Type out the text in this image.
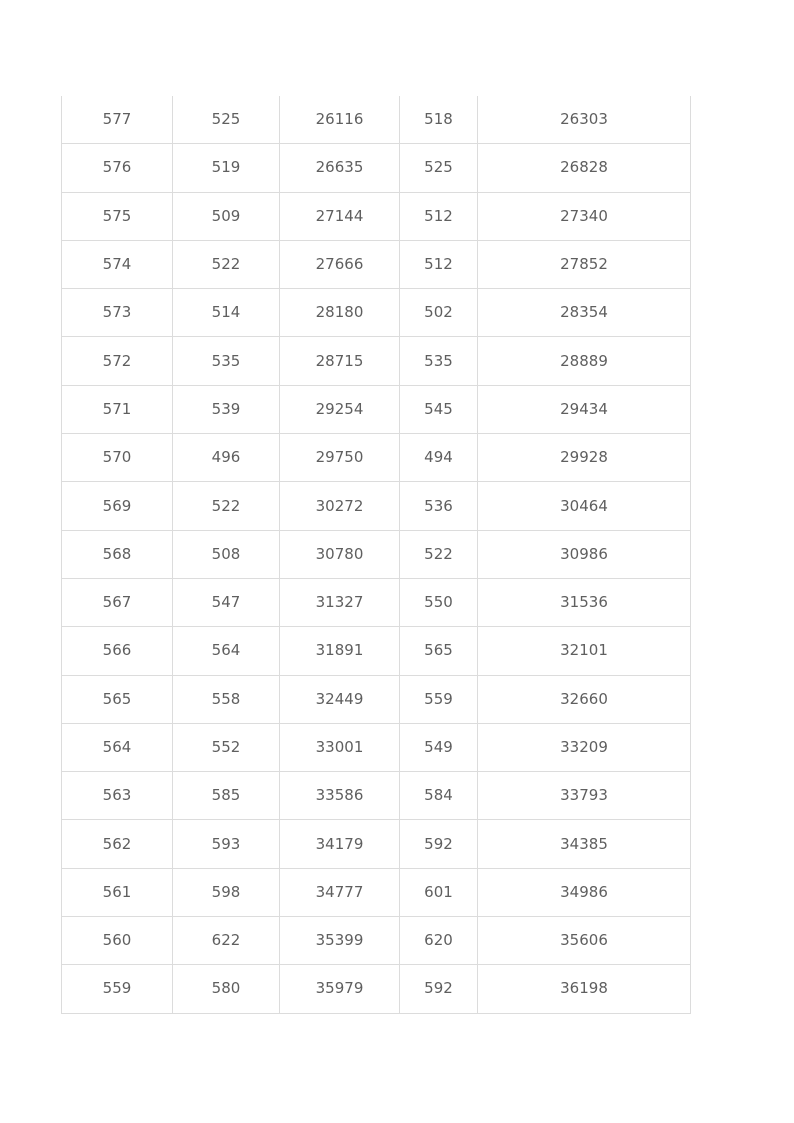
577	525	26116	518	26303
576	519	26635	525	26828
575	509	27144	512	27340
574	522	27666	512	27852
573	514	28180	502	28354
572	535	28715	535	28889
571	539	29254	545	29434
570	496	29750	494	29928
569	522	30272	536	30464
568	508	30780	522	30986
567	547	31327	550	31536
566	564	31891	565	32101
565	558	32449	559	32660
564	552	33001	549	33209
563	585	33586	584	33793
562	593	34179	592	34385
561	598	34777	601	34986
560	622	35399	620	35606
559	580	35979	592	36198
